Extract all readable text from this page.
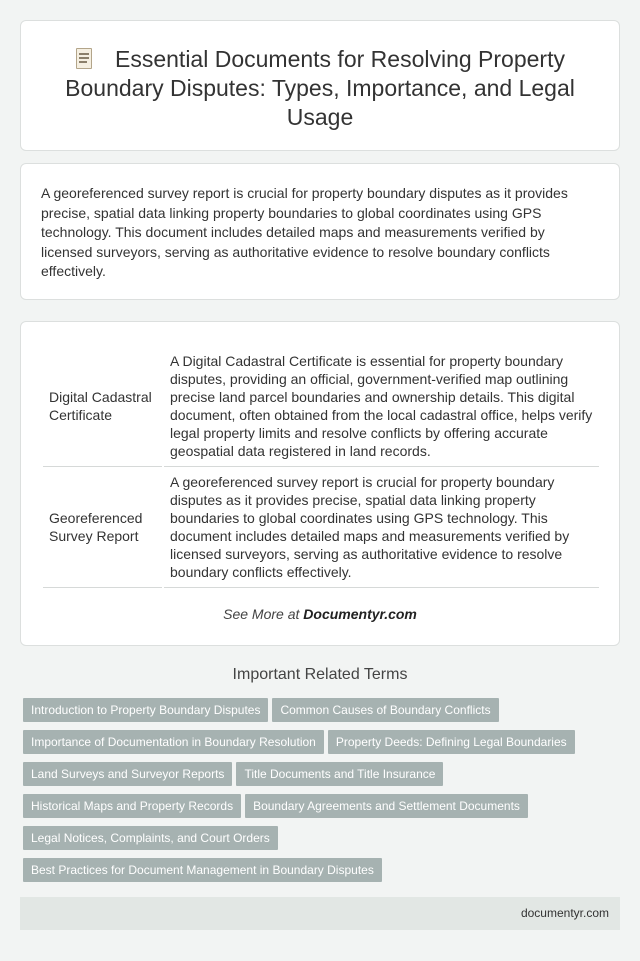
Essential Documents for Resolving Property Boundary Disputes: Types, Importance, and Legal Usage

A georeferenced survey report is crucial for property boundary disputes as it provides precise, spatial data linking property boundaries to global coordinates using GPS technology. This document includes detailed maps and measurements verified by licensed surveyors, serving as authoritative evidence to resolve boundary conflicts effectively.

Digital Cadastral Certificate	A Digital Cadastral Certificate is essential for property boundary disputes, providing an official, government-verified map outlining precise land parcel boundaries and ownership details. This digital document, often obtained from the local cadastral office, helps verify legal property limits and resolve conflicts by offering accurate geospatial data registered in land records.
Georeferenced Survey Report	A georeferenced survey report is crucial for property boundary disputes as it provides precise, spatial data linking property boundaries to global coordinates using GPS technology. This document includes detailed maps and measurements verified by licensed surveyors, serving as authoritative evidence to resolve boundary conflicts effectively.
See More at Documentyr.com
Important Related Terms
Introduction to Property Boundary Disputes Common Causes of Boundary Conflicts
Importance of Documentation in Boundary Resolution Property Deeds: Defining Legal Boundaries
Land Surveys and Surveyor Reports Title Documents and Title Insurance
Historical Maps and Property Records Boundary Agreements and Settlement Documents
Legal Notices, Complaints, and Court Orders
Best Practices for Document Management in Boundary Disputes
documentyr.com
